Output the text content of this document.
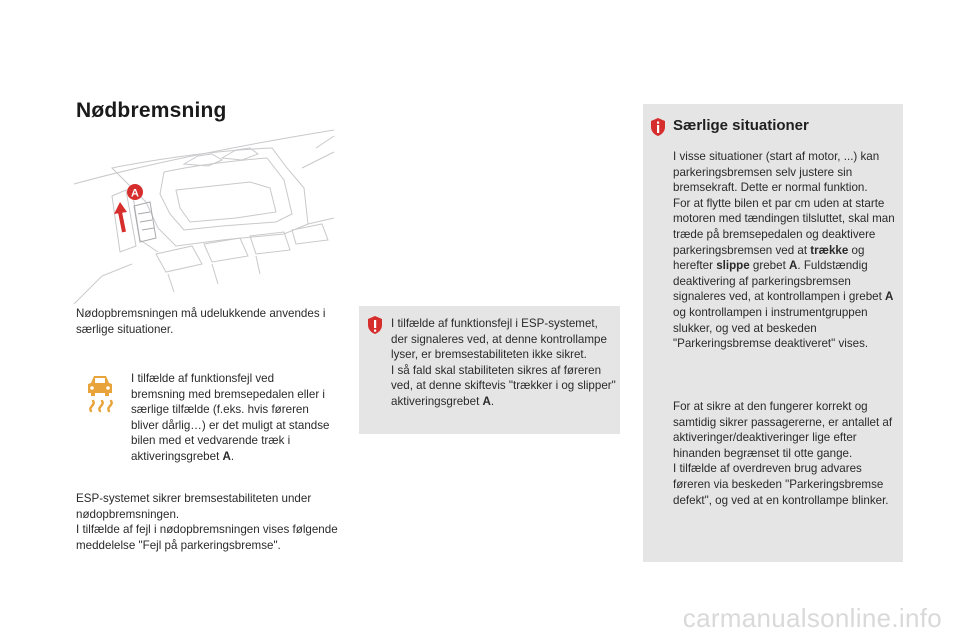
Nødbremsning
A

Nødopbremsningen må udelukkende anvendes i særlige situationer.

I tilfælde af funktionsfejl ved bremsning med bremsepedalen eller i særlige tilfælde (f.eks. hvis føreren bliver dårlig…) er det muligt at standse bilen med et vedvarende træk i aktiveringsgrebet A.

ESP-systemet sikrer bremsestabiliteten under nødopbremsningen.
I tilfælde af fejl i nødopbremsningen vises følgende meddelelse "Fejl på parkeringsbremse".

I tilfælde af funktionsfejl i ESP-systemet, der signaleres ved, at denne kontrollampe lyser, er bremsestabiliteten ikke sikret.
I så fald skal stabiliteten sikres af føreren ved, at denne skiftevis "trækker i og slipper" aktiveringsgrebet A.

Særlige situationer

I visse situationer (start af motor, ...) kan parkeringsbremsen selv justere sin bremsekraft. Dette er normal funktion.
For at flytte bilen et par cm uden at starte motoren med tændingen tilsluttet, skal man træde på bremsepedalen og deaktivere parkeringsbremsen ved at trække og herefter slippe grebet A. Fuldstændig deaktivering af parkeringsbremsen signaleres ved, at kontrollampen i grebet A og kontrollampen i instrumentgruppen slukker, og ved at beskeden "Parkeringsbremse deaktiveret" vises.

For at sikre at den fungerer korrekt og samtidig sikrer passagererne, er antallet af aktiveringer/deaktiveringer lige efter hinanden begrænset til otte gange.
I tilfælde af overdreven brug advares føreren via beskeden "Parkeringsbremse defekt", og ved at en kontrollampe blinker.

carmanualsonline.info
